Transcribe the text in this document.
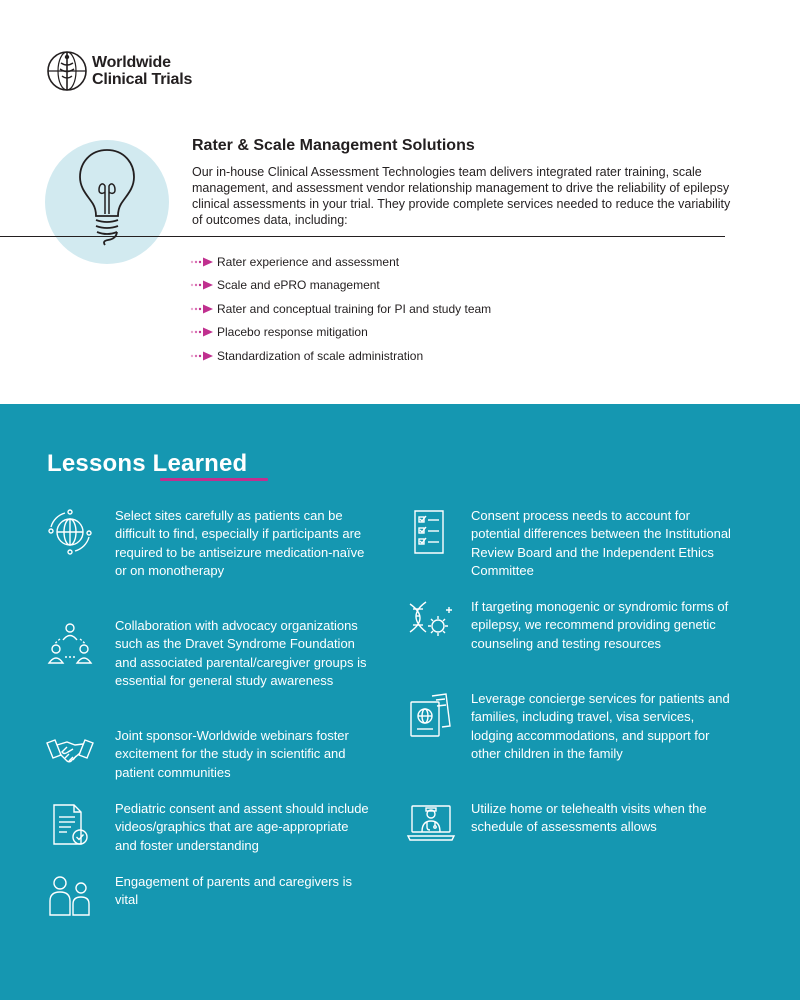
Worldwide
Clinical Trials
Rater & Scale Management Solutions
Our in-house Clinical Assessment Technologies team delivers integrated rater training, scale management, and assessment vendor relationship management to drive the reliability of epilepsy clinical assessments in your trial. They provide complete services needed to reduce the variability of outcomes data, including:
Rater experience and assessment
Scale and ePRO management
Rater and conceptual training for PI and study team
Placebo response mitigation
Standardization of scale administration
Lessons Learned
Select sites carefully as patients can be difficult to find, especially if participants are required to be antiseizure medication-naïve or on monotherapy
Collaboration with advocacy organizations such as the Dravet Syndrome Foundation and associated parental/caregiver groups is essential for general study awareness
Joint sponsor-Worldwide webinars foster excitement for the study in scientific and patient communities
Pediatric consent and assent should include videos/graphics that are age-appropriate and foster understanding
Engagement of parents and caregivers is vital
Consent process needs to account for potential differences between the Institutional Review Board and the Independent Ethics Committee
If targeting monogenic or syndromic forms of epilepsy, we recommend providing genetic counseling and testing resources
Leverage concierge services for patients and families, including travel, visa services, lodging accommodations, and support for other children in the family
Utilize home or telehealth visits when the schedule of assessments allows
